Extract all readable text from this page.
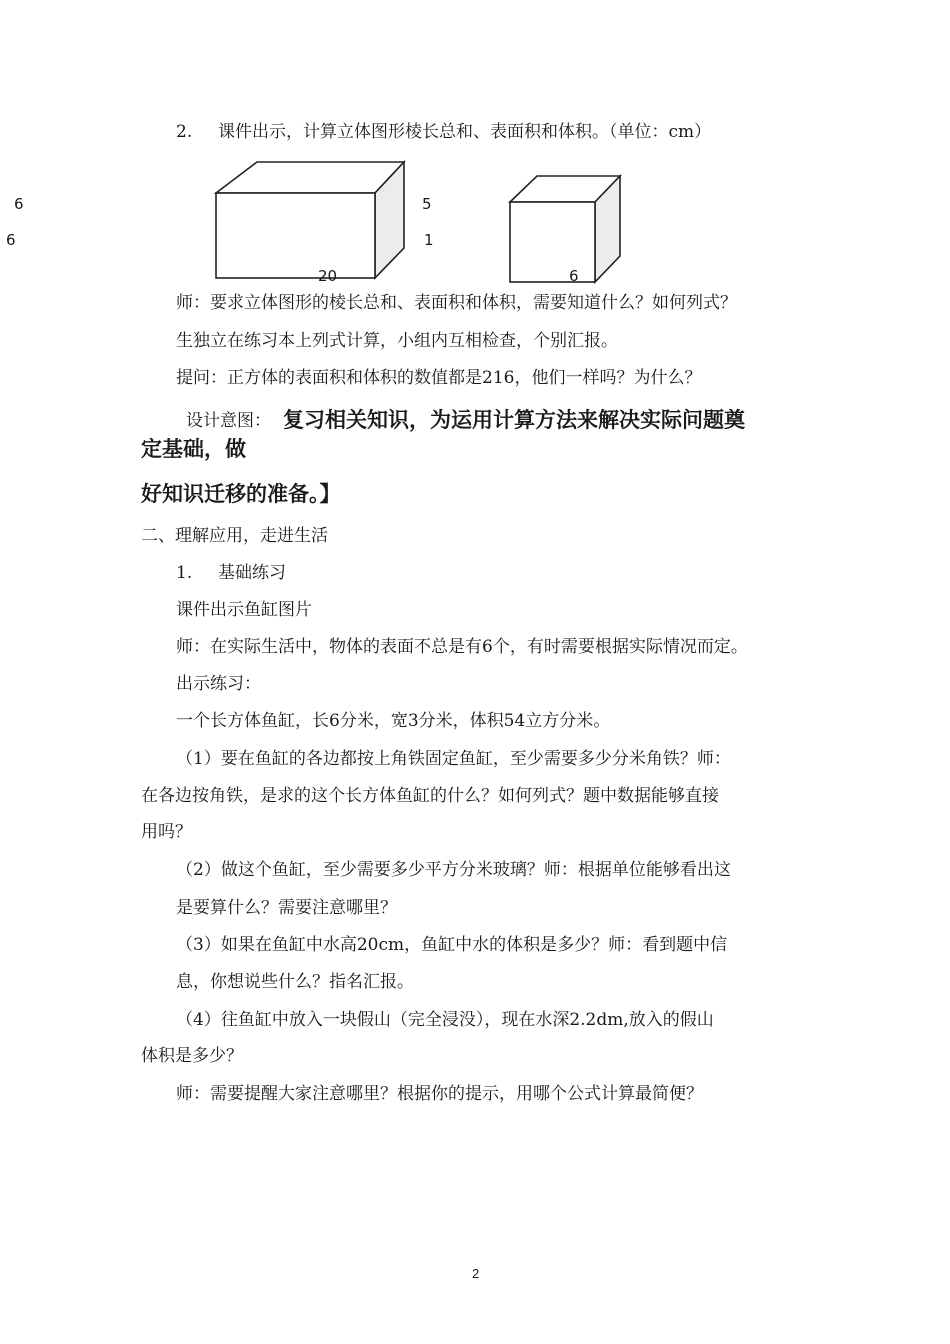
2. 课件出示，计算立体图形棱长总和、表面积和体积。（单位：cm）
6
6
5
1
20	6
师：要求立体图形的棱长总和、表面积和体积，需要知道什么？如何列式？
生独立在练习本上列式计算，小组内互相检查，个别汇报。
提问：正方体的表面积和体积的数值都是216，他们一样吗？为什么？
设计意图： 复习相关知识，为运用计算方法来解决实际问题奠
定基础，做
好知识迁移的准备。】
二、理解应用，走进生活
1. 基础练习
课件出示鱼缸图片
师：在实际生活中，物体的表面不总是有6个，有时需要根据实际情况而定。
出示练习：
一个长方体鱼缸，长6分米，宽3分米，体积54立方分米。
（1）要在鱼缸的各边都按上角铁固定鱼缸，至少需要多少分米角铁？师：
在各边按角铁，是求的这个长方体鱼缸的什么？如何列式？题中数据能够直接
用吗？
（2）做这个鱼缸，至少需要多少平方分米玻璃？师：根据单位能够看出这
是要算什么？需要注意哪里？
（3）如果在鱼缸中水高20cm，鱼缸中水的体积是多少？师：看到题中信
息，你想说些什么？指名汇报。
（4）往鱼缸中放入一块假山（完全浸没），现在水深2.2dm,放入的假山
体积是多少？
师：需要提醒大家注意哪里？根据你的提示，用哪个公式计算最简便？
2
